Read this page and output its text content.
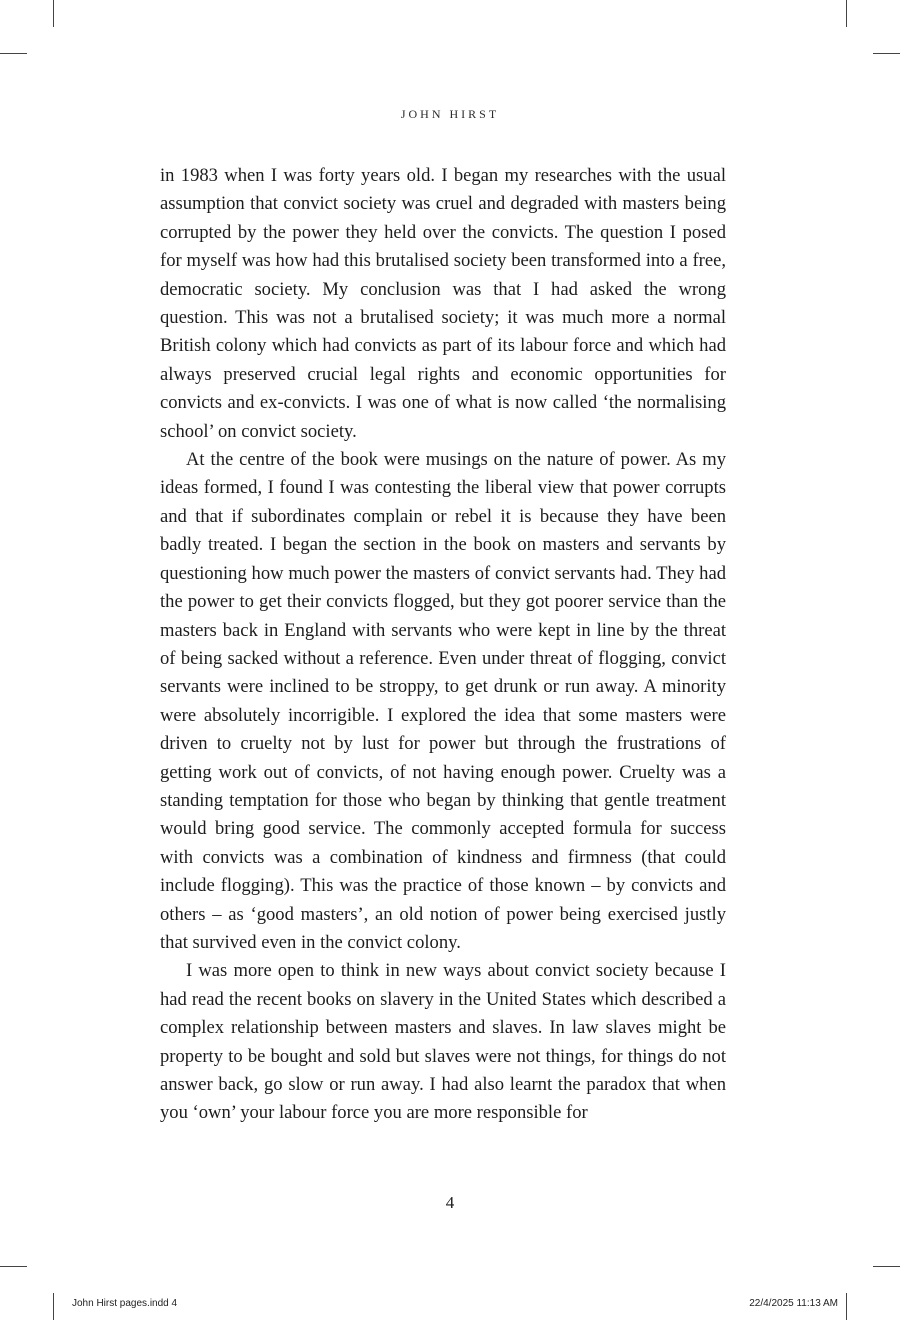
JOHN HIRST

in 1983 when I was forty years old. I began my researches with the usual assumption that convict society was cruel and degraded with masters being corrupted by the power they held over the convicts. The question I posed for myself was how had this brutalised society been transformed into a free, democratic society. My conclusion was that I had asked the wrong question. This was not a brutalised society; it was much more a normal British colony which had convicts as part of its labour force and which had always preserved crucial legal rights and economic opportunities for convicts and ex-convicts. I was one of what is now called ‘the normalising school’ on convict society.

At the centre of the book were musings on the nature of power. As my ideas formed, I found I was contesting the liberal view that power corrupts and that if subordinates complain or rebel it is because they have been badly treated. I began the section in the book on masters and servants by questioning how much power the masters of convict servants had. They had the power to get their convicts flogged, but they got poorer service than the masters back in England with servants who were kept in line by the threat of being sacked without a reference. Even under threat of flogging, convict servants were inclined to be stroppy, to get drunk or run away. A minority were absolutely incorrigible. I explored the idea that some masters were driven to cruelty not by lust for power but through the frustrations of getting work out of convicts, of not having enough power. Cruelty was a standing temptation for those who began by thinking that gentle treatment would bring good service. The commonly accepted formula for success with convicts was a combination of kindness and firmness (that could include flogging). This was the practice of those known – by convicts and others – as ‘good masters’, an old notion of power being exercised justly that survived even in the convict colony.

I was more open to think in new ways about convict society because I had read the recent books on slavery in the United States which described a complex relationship between masters and slaves. In law slaves might be property to be bought and sold but slaves were not things, for things do not answer back, go slow or run away. I had also learnt the paradox that when you ‘own’ your labour force you are more responsible for

4
John Hirst pages.indd 4	22/4/2025 11:13 AM
